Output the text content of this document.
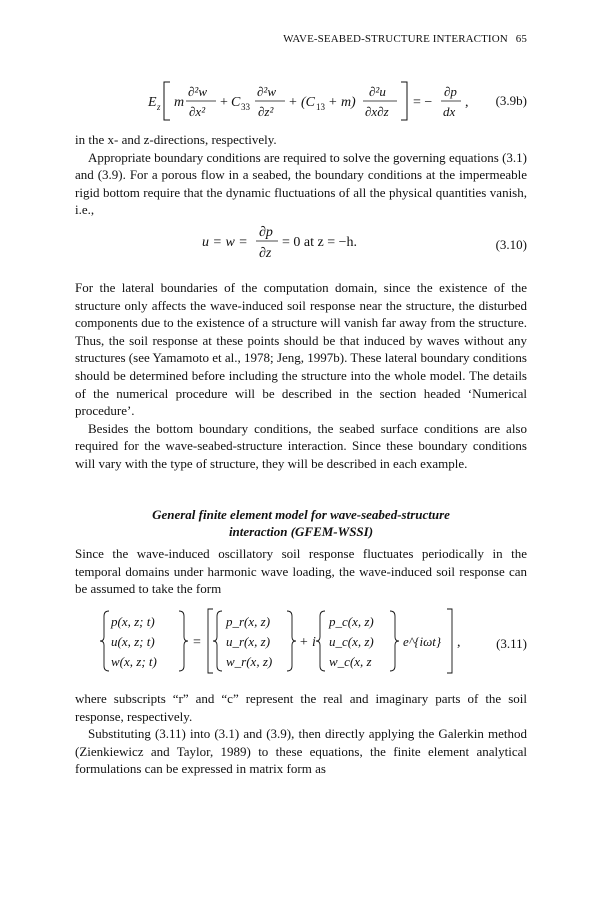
WAVE-SEABED-STRUCTURE INTERACTION 65
E z m
∂²w
∂x²
+ C 33
∂²w
∂z²
+ (C 13 + m)
∂²u
∂x∂z
= −
∂p
dx
, (3.9b)

in the x- and z-directions, respectively.

Appropriate boundary conditions are required to solve the governing equations (3.1) and (3.9). For a porous flow in a seabed, the boundary conditions at the impermeable rigid bottom require that the dynamic fluctuations of all the physical quantities vanish, i.e.,

u = w =
∂p
∂z
= 0 at z = −h.	(3.10)

For the lateral boundaries of the computation domain, since the existence of the structure only affects the wave-induced soil response near the structure, the disturbed components due to the existence of a structure will vanish far away from the structure. Thus, the soil response at these points should be that induced by waves without any structures (see Yamamoto et al., 1978; Jeng, 1997b). These lateral boundary conditions should be determined before including the structure into the whole model. The details of the numerical procedure will be described in the section headed ‘Numerical procedure’.

Besides the bottom boundary conditions, the seabed surface conditions are also required for the wave-seabed-structure interaction. Since these boundary conditions will vary with the type of structure, they will be described in each example.

General finite element model for wave-seabed-structure
interaction (GFEM-WSSI)

Since the wave-induced oscillatory soil response fluctuates periodically in the temporal domains under harmonic wave loading, the wave-induced soil response can be assumed to take the form

p(x, z; t)
u(x, z; t)
w(x, z; t)
=
p_r(x, z)
u_r(x, z)
w_r(x, z)
+ i
p_c(x, z)
u_c(x, z)
w_c(x, z
e^{iωt} ,	(3.11)

where subscripts “r” and “c” represent the real and imaginary parts of the soil response, respectively.

Substituting (3.11) into (3.1) and (3.9), then directly applying the Galerkin method (Zienkiewicz and Taylor, 1989) to these equations, the finite element analytical formulations can be expressed in matrix form as
